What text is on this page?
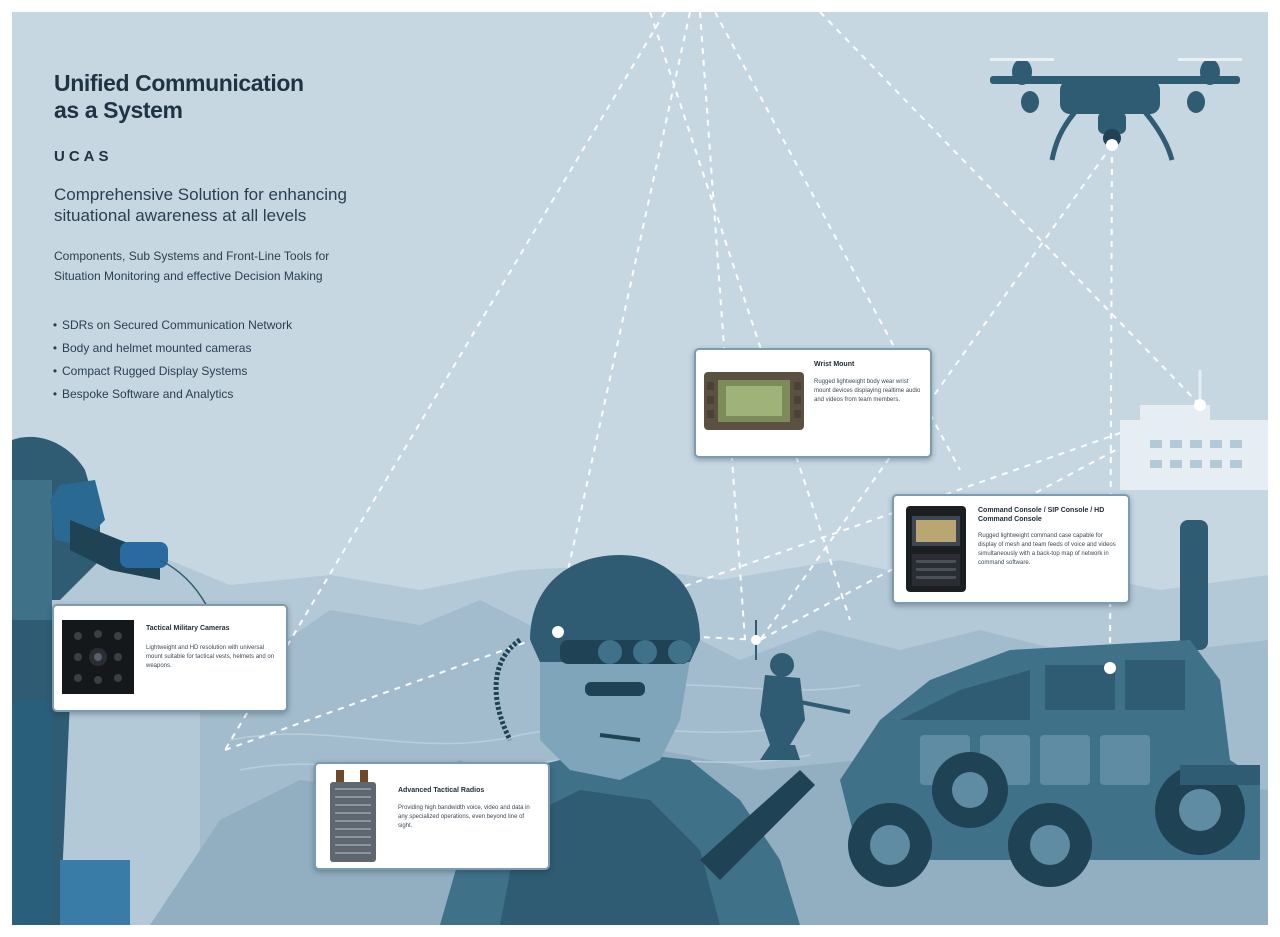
Unified Communication
as a System
UCAS
Comprehensive Solution for enhancing
situational awareness at all levels
Components, Sub Systems and Front-Line Tools for
Situation Monitoring and effective Decision Making
• SDRs on Secured Communication Network
• Body and helmet mounted cameras
• Compact Rugged Display Systems
• Bespoke Software and Analytics
Tactical Military Cameras
Lightweight and HD resolution with universal mount suitable for tactical vests, helmets and on weapons.
Advanced Tactical Radios
Providing high bandwidth voice, video and data in any specialized operations, even beyond line of sight.
Wrist Mount
Rugged lightweight body wear wrist mount devices displaying realtime audio and videos from team members.
Command Console / SIP Console / HD Command Console
Rugged lightweight command case capable for display of mesh and team feeds of voice and videos simultaneously with a back-top map of network in command software.
